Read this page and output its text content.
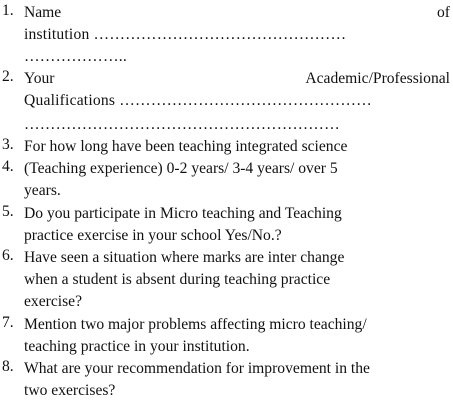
1. Name	of
institution …………………………………………
………………..
2. Your	Academic/Professional
Qualifications …………………………………………
……………………………………………………
3. For how long have been teaching integrated science
4. (Teaching experience) 0-2 years/ 3-4 years/ over 5
years.
5. Do you participate in Micro teaching and Teaching
practice exercise in your school Yes/No.?
6. Have seen a situation where marks are inter change
when a student is absent during teaching practice
exercise?
7. Mention two major problems affecting micro teaching/
teaching practice in your institution.
8. What are your recommendation for improvement in the
two exercises?
